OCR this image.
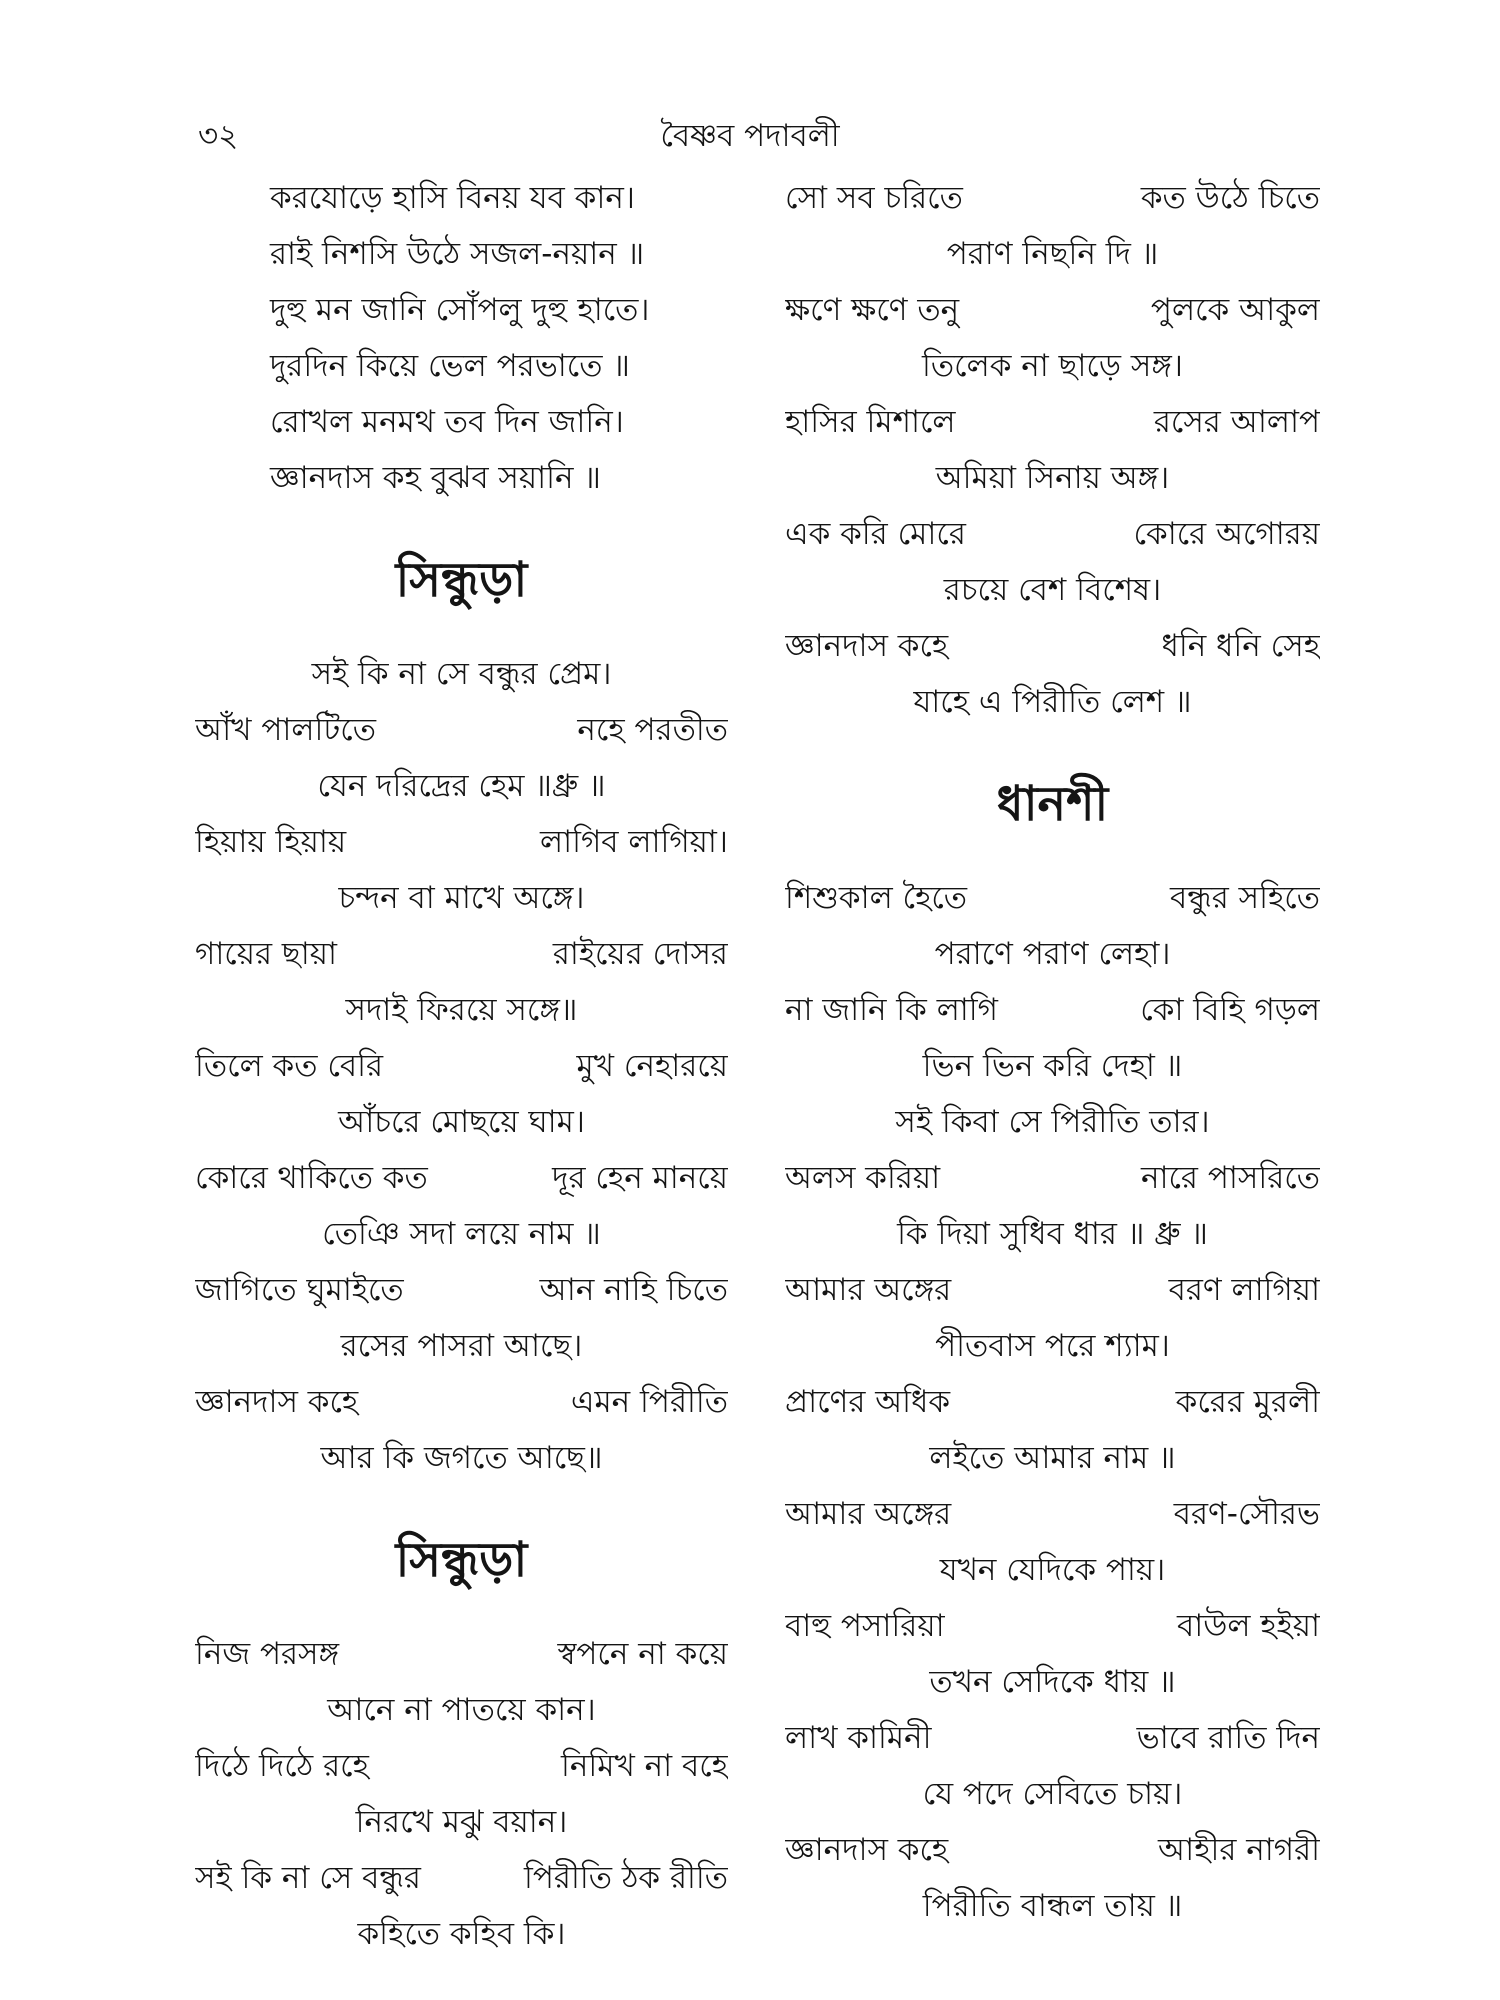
৩২	বৈষ্ণব পদাবলী
করযোড়ে হাসি বিনয় যব কান।
রাই নিশসি উঠে সজল-নয়ান ॥
দুহু মন জানি সোঁপলু দুহু হাতে।
দুরদিন কিয়ে ভেল পরভাতে ॥
রোখল মনমথ তব দিন জানি।
জ্ঞানদাস কহ বুঝব সয়ানি ॥
সিন্ধুড়া
সই কি না সে বন্ধুর প্রেম।
আঁখ পালটিতে	নহে পরতীত
যেন দরিদ্রের হেম ॥ধ্রু ॥
হিয়ায় হিয়ায়	লাগিব লাগিয়া।
চন্দন বা মাখে অঙ্গে।
গায়ের ছায়া	রাইয়ের দোসর
সদাই ফিরয়ে সঙ্গে॥
তিলে কত বেরি	মুখ নেহারয়ে
আঁচরে মোছয়ে ঘাম।
কোরে থাকিতে কত	দূর হেন মানয়ে
তেঞি সদা লয়ে নাম ॥
জাগিতে ঘুমাইতে	আন নাহি চিতে
রসের পাসরা আছে।
জ্ঞানদাস কহে	এমন পিরীতি
আর কি জগতে আছে॥
সিন্ধুড়া
নিজ পরসঙ্গ	স্বপনে না কয়ে
আনে না পাতয়ে কান।
দিঠে দিঠে রহে	নিমিখ না বহে
নিরখে মঝু বয়ান।
সই কি না সে বন্ধুর	পিরীতি ঠক রীতি
কহিতে কহিব কি।
সো সব চরিতে	কত উঠে চিতে
পরাণ নিছনি দি ॥
ক্ষণে ক্ষণে তনু	পুলকে আকুল
তিলেক না ছাড়ে সঙ্গ।
হাসির মিশালে	রসের আলাপ
অমিয়া সিনায় অঙ্গ।
এক করি মোরে	কোরে অগোরয়
রচয়ে বেশ বিশেষ।
জ্ঞানদাস কহে	ধনি ধনি সেহ
যাহে এ পিরীতি লেশ ॥
ধানশী
শিশুকাল হৈতে	বন্ধুর সহিতে
পরাণে পরাণ লেহা।
না জানি কি লাগি	কো বিহি গড়ল
ভিন ভিন করি দেহা ॥
সই কিবা সে পিরীতি তার।
অলস করিয়া	নারে পাসরিতে
কি দিয়া সুধিব ধার ॥ ধ্রু ॥
আমার অঙ্গের	বরণ লাগিয়া
পীতবাস পরে শ্যাম।
প্রাণের অধিক	করের মুরলী
লইতে আমার নাম ॥
আমার অঙ্গের	বরণ-সৌরভ
যখন যেদিকে পায়।
বাহু পসারিয়া	বাউল হইয়া
তখন সেদিকে ধায় ॥
লাখ কামিনী	ভাবে রাতি দিন
যে পদে সেবিতে চায়।
জ্ঞানদাস কহে	আহীর নাগরী
পিরীতি বান্ধল তায় ॥
